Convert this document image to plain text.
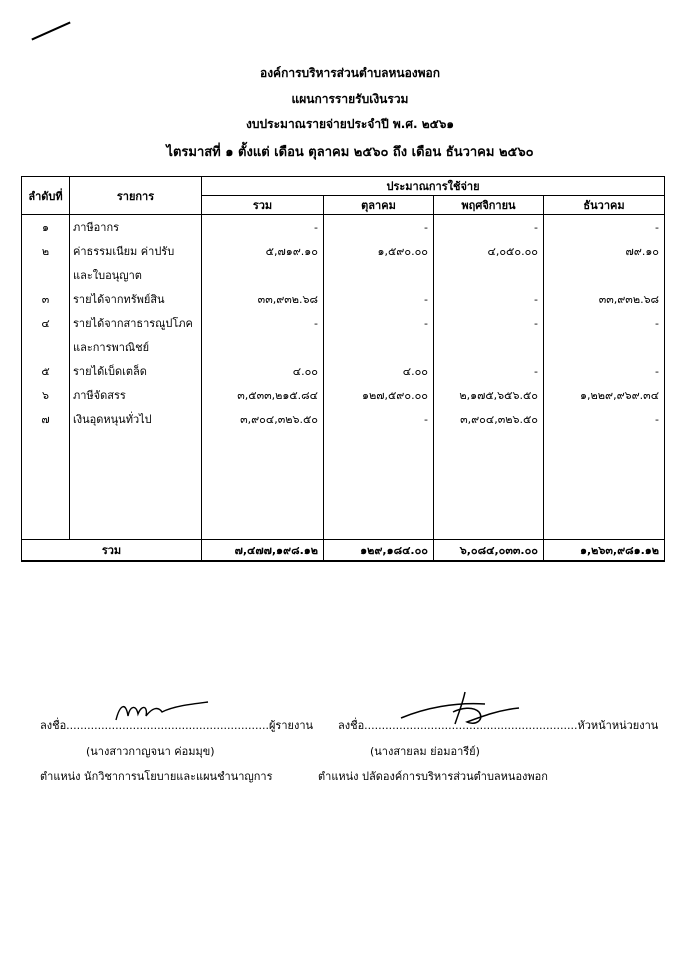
องค์การบริหารส่วนตำบลหนองพอก
แผนการรายรับเงินรวม
งบประมาณรายจ่ายประจำปี พ.ศ. ๒๕๖๑
ไตรมาสที่ ๑ ตั้งแต่ เดือน ตุลาคม ๒๕๖๐ ถึง เดือน ธันวาคม ๒๕๖๐
ลำดับที่	รายการ	ประมาณการใช้จ่าย			
		รวม	ตุลาคม	พฤศจิกายน	ธันวาคม
๑	ภาษีอากร	-	-	-	-
๒	ค่าธรรมเนียม ค่าปรับ	๕,๗๑๙.๑๐	๑,๕๙๐.๐๐	๔,๐๕๐.๐๐	๗๙.๑๐
	และใบอนุญาต				
๓	รายได้จากทรัพย์สิน	๓๓,๙๓๒.๖๘	-	-	๓๓,๙๓๒.๖๘
๔	รายได้จากสาธารณูปโภค	-	-	-	-
	และการพาณิชย์				
๕	รายได้เบ็ดเตล็ด	๔.๐๐	๔.๐๐	-	-
๖	ภาษีจัดสรร	๓,๕๓๓,๒๑๕.๘๔	๑๒๗,๕๙๐.๐๐	๒,๑๗๕,๖๕๖.๕๐	๑,๒๒๙,๙๖๙.๓๔
๗	เงินอุดหนุนทั่วไป	๓,๙๐๔,๓๒๖.๕๐	-	๓,๙๐๔,๓๒๖.๕๐	-

รวม		๗,๔๗๗,๑๙๘.๑๒	๑๒๙,๑๘๔.๐๐	๖,๐๘๔,๐๓๓.๐๐	๑,๒๖๓,๙๘๑.๑๒
ลงชื่อ..........................................................ผู้รายงาน
(นางสาวกาญจนา ค่อมมุข)
ตำแหน่ง นักวิชาการนโยบายและแผนชำนาญการ
ลงชื่อ.............................................................หัวหน้าหน่วยงาน
(นางสายลม ย่อมอารีย์)
ตำแหน่ง ปลัดองค์การบริหารส่วนตำบลหนองพอก
